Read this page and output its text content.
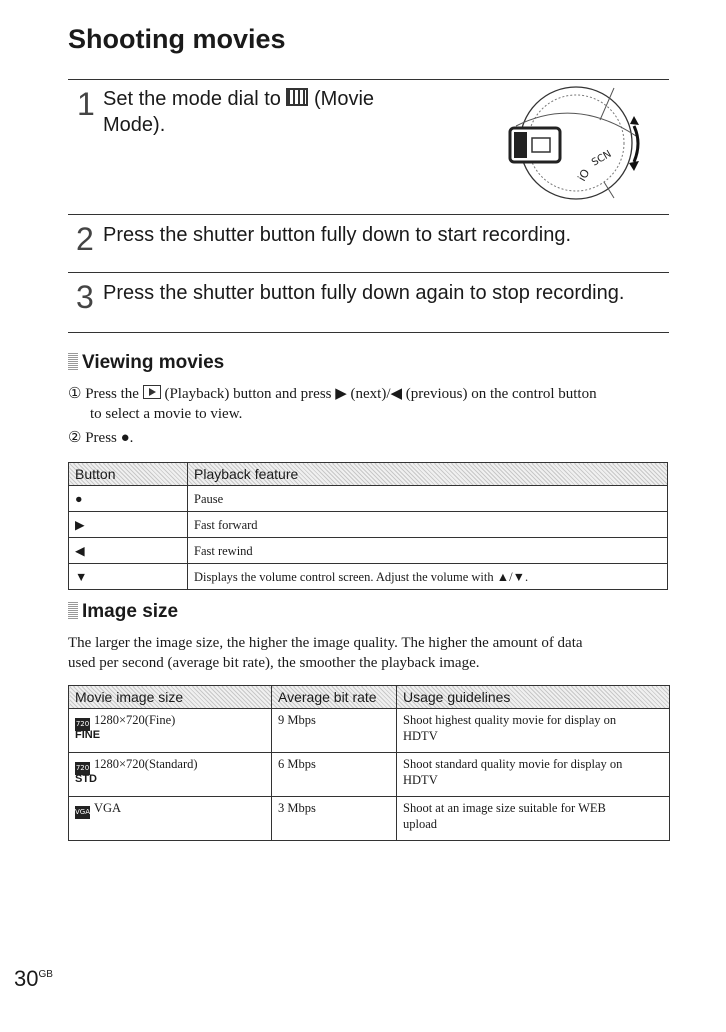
Shooting movies
1 Set the mode dial to (Movie
Mode).
iO
SCN
2 Press the shutter button fully down to start recording.
3 Press the shutter button fully down again to stop recording.
Viewing movies
① Press the (Playback) button and press ▶ (next)/◀ (previous) on the control button
to select a movie to view.
② Press ●.
Button	Playback feature
●	Pause
▶	Fast forward
◀	Fast rewind
▼	Displays the volume control screen. Adjust the volume with ▲/▼.
Image size
The larger the image size, the higher the image quality. The higher the amount of data
used per second (average bit rate), the smoother the playback image.
Movie image size	Average bit rate	Usage guidelines
720 1280×720(Fine)
FINE	9 Mbps	Shoot highest quality movie for display on
HDTV
720 1280×720(Standard)
STD	6 Mbps	Shoot standard quality movie for display on
HDTV
VGA VGA	3 Mbps	Shoot at an image size suitable for WEB
upload
$30^{GB}$
